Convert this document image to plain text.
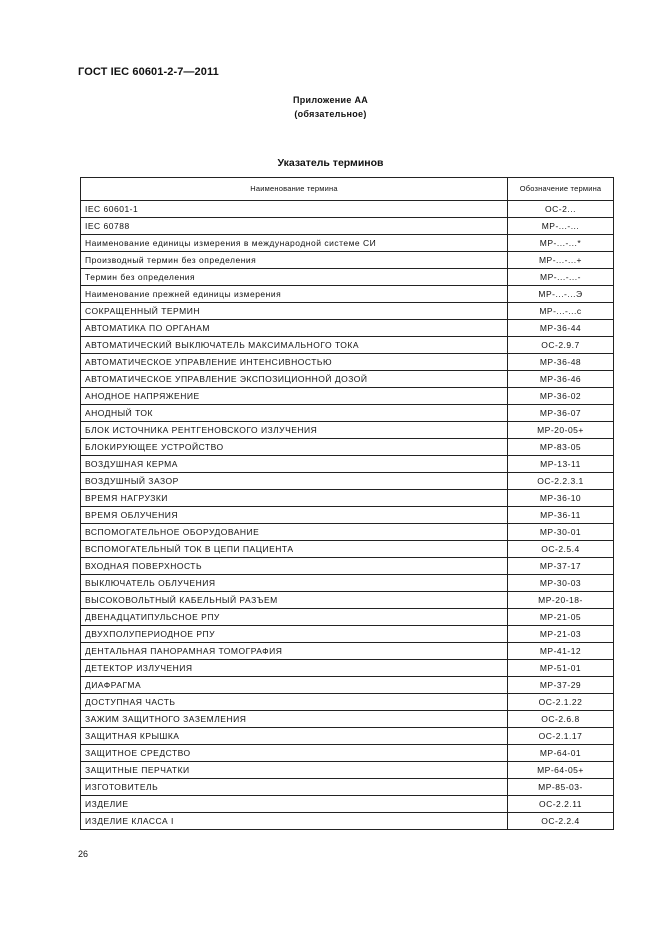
ГОСТ IEC 60601-2-7—2011
Приложение АА
(обязательное)
Указатель терминов
Наименование термина	Обозначение термина
IEC 60601-1	OC-2...
IEC 60788	MP-...-...
Наименование единицы измерения в международной системе СИ	MP-...-...*
Производный термин без определения	MP-...-...+
Термин без определения	MP-...-...-
Наименование прежней единицы измерения	MP-...-...Э
СОКРАЩЕННЫЙ ТЕРМИН	MP-...-...c
АВТОМАТИКА ПО ОРГАНАМ	MP-36-44
АВТОМАТИЧЕСКИЙ ВЫКЛЮЧАТЕЛЬ МАКСИМАЛЬНОГО ТОКА	OC-2.9.7
АВТОМАТИЧЕСКОЕ УПРАВЛЕНИЕ ИНТЕНСИВНОСТЬЮ	MP-36-48
АВТОМАТИЧЕСКОЕ УПРАВЛЕНИЕ ЭКСПОЗИЦИОННОЙ ДОЗОЙ	MP-36-46
АНОДНОЕ НАПРЯЖЕНИЕ	MP-36-02
АНОДНЫЙ ТОК	MP-36-07
БЛОК ИСТОЧНИКА РЕНТГЕНОВСКОГО ИЗЛУЧЕНИЯ	MP-20-05+
БЛОКИРУЮЩЕЕ УСТРОЙСТВО	MP-83-05
ВОЗДУШНАЯ КЕРМА	MP-13-11
ВОЗДУШНЫЙ ЗАЗОР	OC-2.2.3.1
ВРЕМЯ НАГРУЗКИ	MP-36-10
ВРЕМЯ ОБЛУЧЕНИЯ	MP-36-11
ВСПОМОГАТЕЛЬНОЕ ОБОРУДОВАНИЕ	MP-30-01
ВСПОМОГАТЕЛЬНЫЙ ТОК В ЦЕПИ ПАЦИЕНТА	OC-2.5.4
ВХОДНАЯ ПОВЕРХНОСТЬ	MP-37-17
ВЫКЛЮЧАТЕЛЬ ОБЛУЧЕНИЯ	MP-30-03
ВЫСОКОВОЛЬТНЫЙ КАБЕЛЬНЫЙ РАЗЪЕМ	MP-20-18-
ДВЕНАДЦАТИПУЛЬСНОЕ РПУ	MP-21-05
ДВУХПОЛУПЕРИОДНОЕ РПУ	MP-21-03
ДЕНТАЛЬНАЯ ПАНОРАМНАЯ ТОМОГРАФИЯ	MP-41-12
ДЕТЕКТОР ИЗЛУЧЕНИЯ	MP-51-01
ДИАФРАГМА	MP-37-29
ДОСТУПНАЯ ЧАСТЬ	OC-2.1.22
ЗАЖИМ ЗАЩИТНОГО ЗАЗЕМЛЕНИЯ	OC-2.6.8
ЗАЩИТНАЯ КРЫШКА	OC-2.1.17
ЗАЩИТНОЕ СРЕДСТВО	MP-64-01
ЗАЩИТНЫЕ ПЕРЧАТКИ	MP-64-05+
ИЗГОТОВИТЕЛЬ	MP-85-03-
ИЗДЕЛИЕ	OC-2.2.11
ИЗДЕЛИЕ КЛАССА I	OC-2.2.4
26
